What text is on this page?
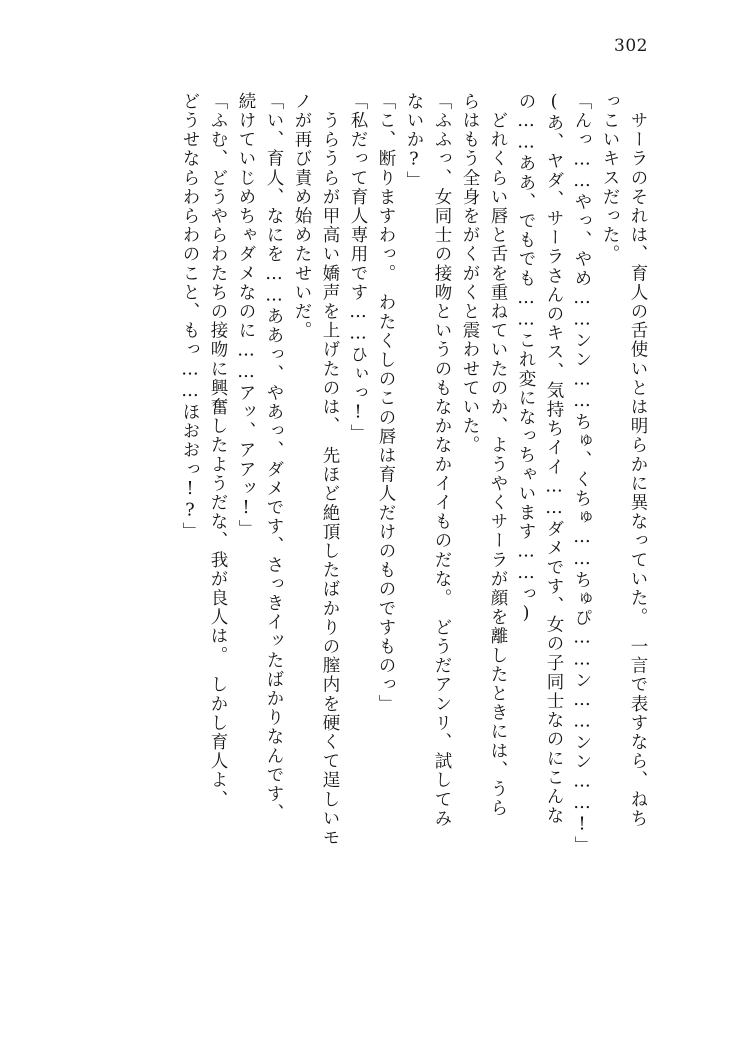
302
　サーラのそれは、育人の舌使いとは明らかに異なっていた。　一言で表すなら、ねち
っこいキスだった。
「んっ……やっ、やめ……ンン……ちゅ、くちゅ……ちゅぴ……ン……ンン……!」
(あ、ヤダ、サーラさんのキス、気持ちイイ……ダメです、女の子同士なのにこんな
の……ああ、でもでも……これ変になっちゃいます……っ)
　どれくらい唇と舌を重ねていたのか、ようやくサーラが顔を離したときには、うら
らはもう全身をがくがくと震わせていた。
「ふふっ、女同士の接吻というのもなかなかイイものだな。　どうだアンリ、試してみ
ないか?」
「こ、断りますわっ。　わたくしのこの唇は育人だけのものですものっ」
「私だって育人専用です……ひぃっ!」
　うらうらが甲高い嬌声を上げたのは、　先ほど絶頂したばかりの膣内を硬くて逞しいモ
ノが再び責め始めたせいだ。
「い、育人、なにを……ああっ、やあっ、ダメです、さっきイッたばかりなんです、
続けていじめちゃダメなのに……アッ、アアッ!」
「ふむ、どうやらわたちの接吻に興奮したようだな、我が良人は。　しかし育人よ、
どうせならわらわのこと、もっ……ほおおっ!?」
